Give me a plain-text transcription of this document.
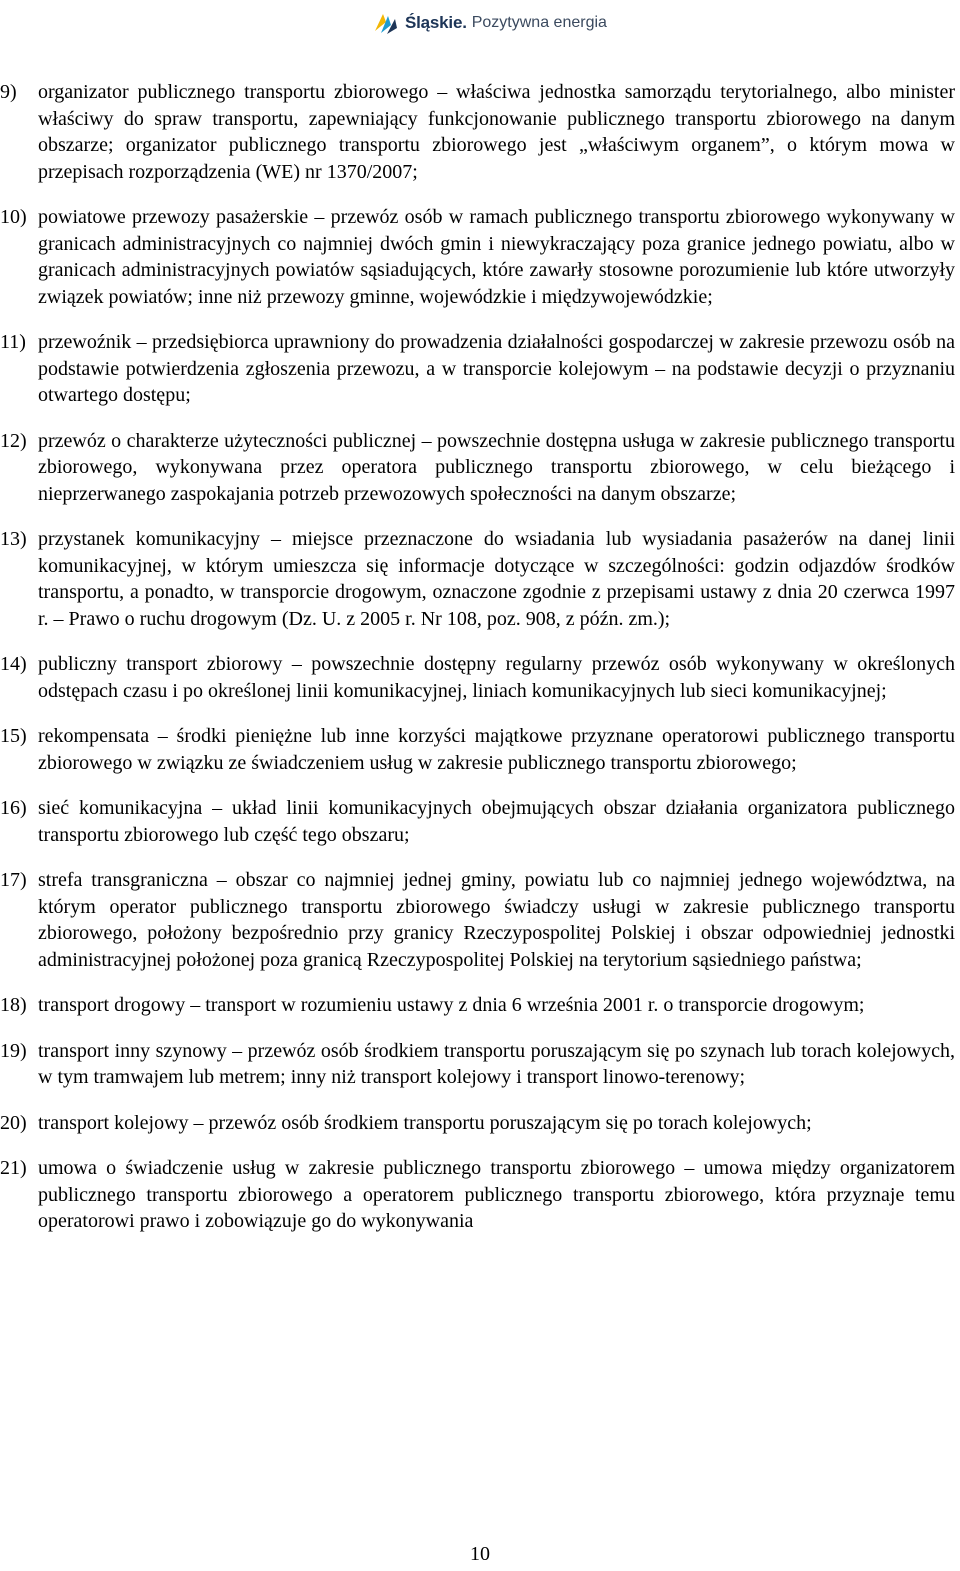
Śląskie. Pozytywna energia
9) organizator publicznego transportu zbiorowego – właściwa jednostka samorządu terytorialnego, albo minister właściwy do spraw transportu, zapewniający funkcjonowanie publicznego transportu zbiorowego na danym obszarze; organizator publicznego transportu zbiorowego jest „właściwym organem”, o którym mowa w przepisach rozporządzenia (WE) nr 1370/2007;
10) powiatowe przewozy pasażerskie – przewóz osób w ramach publicznego transportu zbiorowego wykonywany w granicach administracyjnych co najmniej dwóch gmin i niewykraczający poza granice jednego powiatu, albo w granicach administracyjnych powiatów sąsiadujących, które zawarły stosowne porozumienie lub które utworzyły związek powiatów; inne niż przewozy gminne, wojewódzkie i międzywojewódzkie;
11) przewoźnik – przedsiębiorca uprawniony do prowadzenia działalności gospodarczej w zakresie przewozu osób na podstawie potwierdzenia zgłoszenia przewozu, a w transporcie kolejowym – na podstawie decyzji o przyznaniu otwartego dostępu;
12) przewóz o charakterze użyteczności publicznej – powszechnie dostępna usługa w zakresie publicznego transportu zbiorowego, wykonywana przez operatora publicznego transportu zbiorowego, w celu bieżącego i nieprzerwanego zaspokajania potrzeb przewozowych społeczności na danym obszarze;
13) przystanek komunikacyjny – miejsce przeznaczone do wsiadania lub wysiadania pasażerów na danej linii komunikacyjnej, w którym umieszcza się informacje dotyczące w szczególności: godzin odjazdów środków transportu, a ponadto, w transporcie drogowym, oznaczone zgodnie z przepisami ustawy z dnia 20 czerwca 1997 r. – Prawo o ruchu drogowym (Dz. U. z 2005 r. Nr 108, poz. 908, z późn. zm.);
14) publiczny transport zbiorowy – powszechnie dostępny regularny przewóz osób wykonywany w określonych odstępach czasu i po określonej linii komunikacyjnej, liniach komunikacyjnych lub sieci komunikacyjnej;
15) rekompensata – środki pieniężne lub inne korzyści majątkowe przyznane operatorowi publicznego transportu zbiorowego w związku ze świadczeniem usług w zakresie publicznego transportu zbiorowego;
16) sieć komunikacyjna – układ linii komunikacyjnych obejmujących obszar działania organizatora publicznego transportu zbiorowego lub część tego obszaru;
17) strefa transgraniczna – obszar co najmniej jednej gminy, powiatu lub co najmniej jednego województwa, na którym operator publicznego transportu zbiorowego świadczy usługi w zakresie publicznego transportu zbiorowego, położony bezpośrednio przy granicy Rzeczypospolitej Polskiej i obszar odpowiedniej jednostki administracyjnej położonej poza granicą Rzeczypospolitej Polskiej na terytorium sąsiedniego państwa;
18) transport drogowy – transport w rozumieniu ustawy z dnia 6 września 2001 r. o transporcie drogowym;
19) transport inny szynowy – przewóz osób środkiem transportu poruszającym się po szynach lub torach kolejowych, w tym tramwajem lub metrem; inny niż transport kolejowy i transport linowo-terenowy;
20) transport kolejowy – przewóz osób środkiem transportu poruszającym się po torach kolejowych;
21) umowa o świadczenie usług w zakresie publicznego transportu zbiorowego – umowa między organizatorem publicznego transportu zbiorowego a operatorem publicznego transportu zbiorowego, która przyznaje temu operatorowi prawo i zobowiązuje go do wykonywania
10
